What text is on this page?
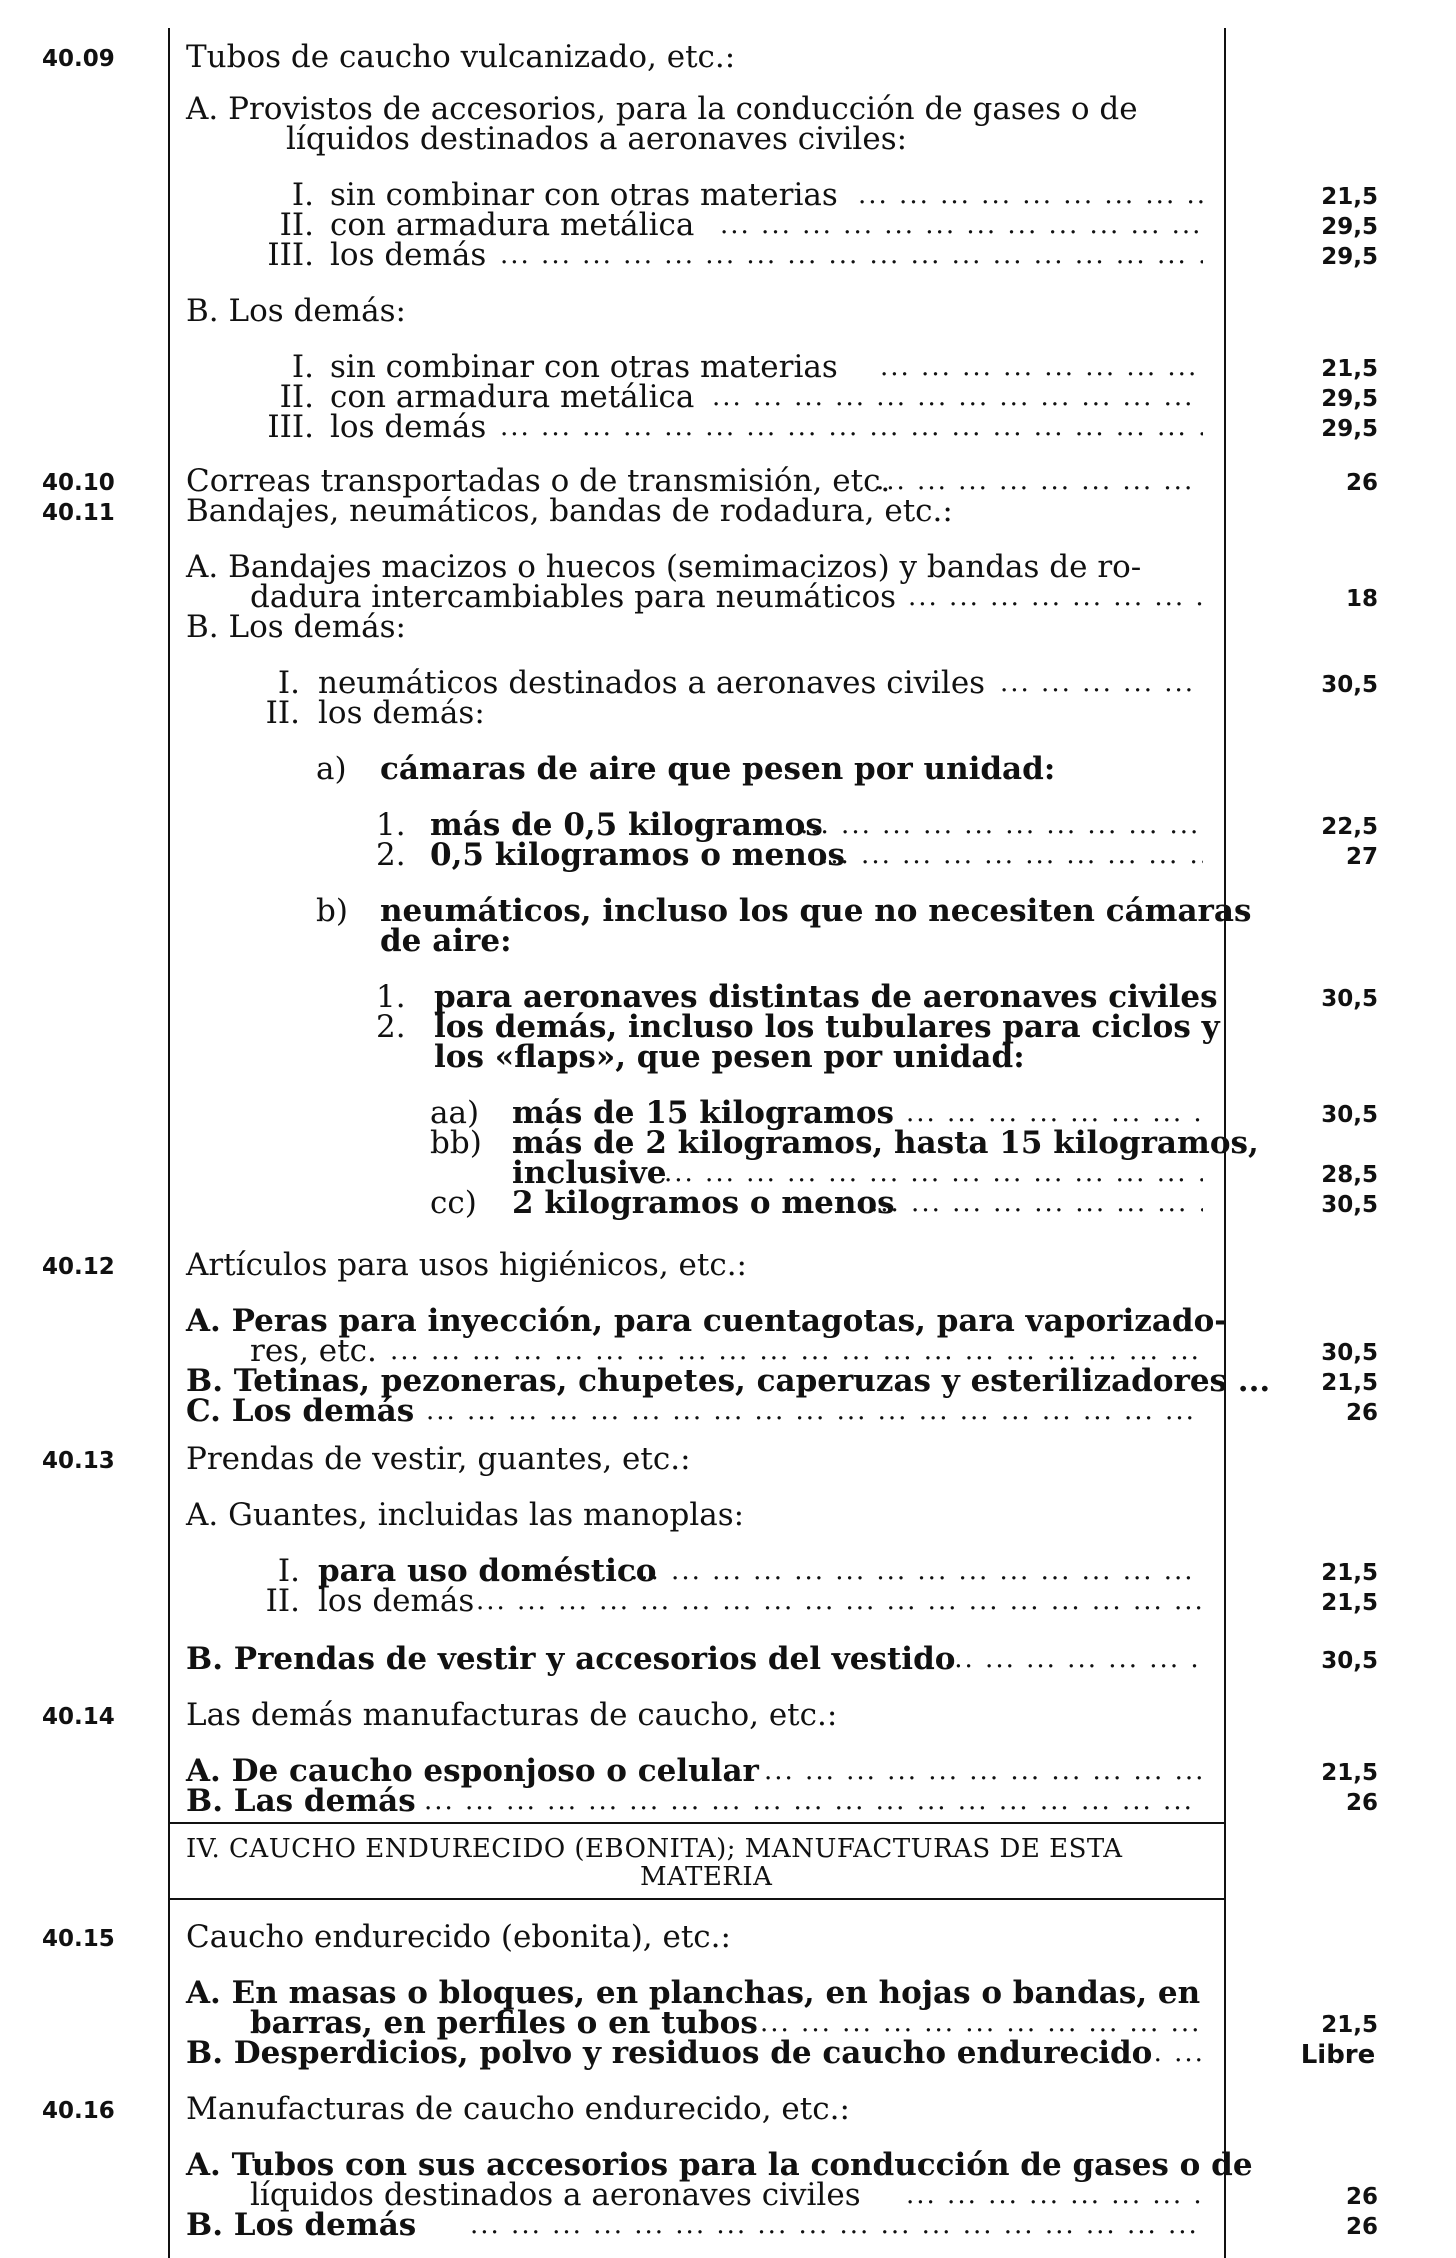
40.09 Tubos de caucho vulcanizado, etc.:
A. Provistos de accesorios, para la conducción de gases o de
líquidos destinados a aeronaves civiles:
I. sin combinar con otras materias ... .	21,5
II. con armadura metálica ... .	29,5
III. los demás ... .	29,5
B. Los demás:
I. sin combinar con otras materias ... .	21,5
II. con armadura metálica ... .	29,5
III. los demás ... .	29,5
40.10 Correas transportadas o de transmisión, etc. ... .	26
40.11 Bandajes, neumáticos, bandas de rodadura, etc.:
A. Bandajes macizos o huecos (semimacizos) y bandas de ro-
dadura intercambiables para neumáticos ... .	18
B. Los demás:
I. neumáticos destinados a aeronaves civiles ... .	30,5
II. los demás:
a) cámaras de aire que pesen por unidad:
1. más de 0,5 kilogramos ... .	22,5
2. 0,5 kilogramos o menos ... .	27
b) neumáticos, incluso los que no necesiten cámaras
de aire:
1. para aeronaves distintas de aeronaves civiles	30,5
2. los demás, incluso los tubulares para ciclos y
los «flaps», que pesen por unidad:
aa) más de 15 kilogramos ... .	30,5
bb) más de 2 kilogramos, hasta 15 kilogramos,
inclusive ... .	28,5
cc) 2 kilogramos o menos ... .	30,5
40.12 Artículos para usos higiénicos, etc.:
A. Peras para inyección, para cuentagotas, para vaporizado-
res, etc. ... .	30,5
B. Tetinas, pezoneras, chupetes, caperuzas y esterilizadores ...	21,5
C. Los demás ... .	26
40.13 Prendas de vestir, guantes, etc.:
A. Guantes, incluidas las manoplas:
I. para uso doméstico ... .	21,5
II. los demás ... .	21,5
B. Prendas de vestir y accesorios del vestido ... .	30,5
40.14 Las demás manufacturas de caucho, etc.:
A. De caucho esponjoso o celular ... .	21,5
B. Las demás ... .	26
IV. CAUCHO ENDURECIDO (EBONITA); MANUFACTURAS DE ESTA
MATERIA
40.15 Caucho endurecido (ebonita), etc.:
A. En masas o bloques, en planchas, en hojas o bandas, en
barras, en perfiles o en tubos ... .	21,5
B. Desperdicios, polvo y residuos de caucho endurecido ... .	Libre
40.16 Manufacturas de caucho endurecido, etc.:
A. Tubos con sus accesorios para la conducción de gases o de
líquidos destinados a aeronaves civiles ... .	26
B. Los demás ... .	26
